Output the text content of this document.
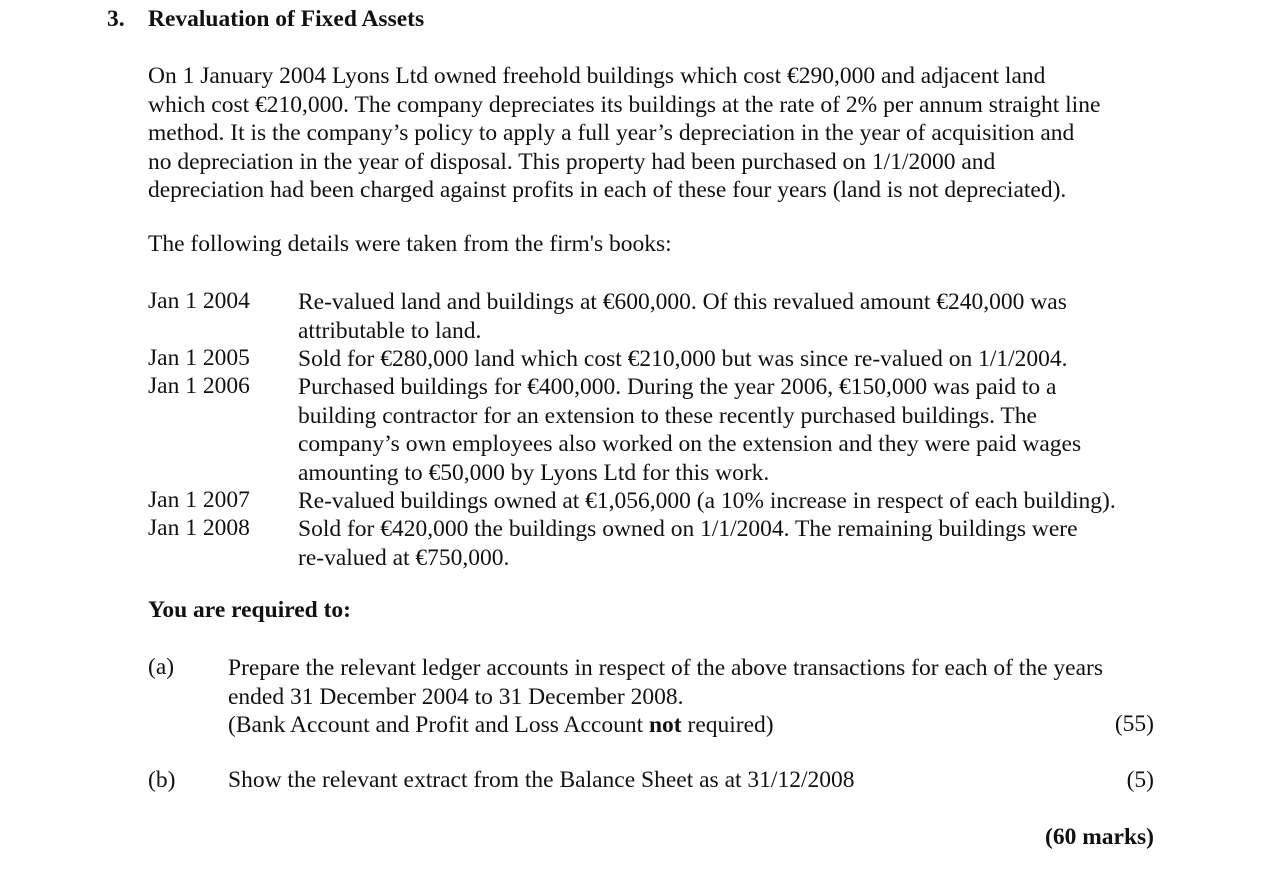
3. Revaluation of Fixed Assets
On 1 January 2004 Lyons Ltd owned freehold buildings which cost €290,000 and adjacent land
which cost €210,000. The company depreciates its buildings at the rate of 2% per annum straight line
method. It is the company’s policy to apply a full year’s depreciation in the year of acquisition and
no depreciation in the year of disposal. This property had been purchased on 1/1/2000 and
depreciation had been charged against profits in each of these four years (land is not depreciated).
The following details were taken from the firm's books:
Jan 1 2004 Re-valued land and buildings at €600,000. Of this revalued amount €240,000 was
attributable to land.
Jan 1 2005 Sold for €280,000 land which cost €210,000 but was since re-valued on 1/1/2004.
Jan 1 2006 Purchased buildings for €400,000. During the year 2006, €150,000 was paid to a
building contractor for an extension to these recently purchased buildings. The
company’s own employees also worked on the extension and they were paid wages
amounting to €50,000 by Lyons Ltd for this work.
Jan 1 2007 Re-valued buildings owned at €1,056,000 (a 10% increase in respect of each building).
Jan 1 2008 Sold for €420,000 the buildings owned on 1/1/2004. The remaining buildings were
re-valued at €750,000.
You are required to:
(a) Prepare the relevant ledger accounts in respect of the above transactions for each of the years
ended 31 December 2004 to 31 December 2008.
(Bank Account and Profit and Loss Account not required)	(55)
(b) Show the relevant extract from the Balance Sheet as at 31/12/2008	(5)
(60 marks)
